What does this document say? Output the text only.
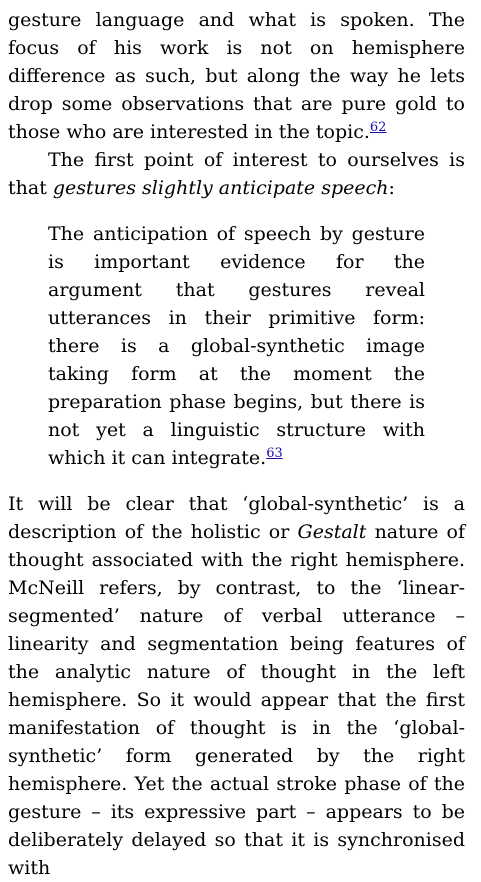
gesture language and what is spoken. The focus of his work is not on hemisphere difference as such, but along the way he lets drop some observations that are pure gold to those who are interested in the topic.$^{62}$

The first point of interest to ourselves is that gestures slightly anticipate speech:

The anticipation of speech by gesture is important evidence for the argument that gestures reveal utterances in their primitive form: there is a global-synthetic image taking form at the moment the preparation phase begins, but there is not yet a linguistic structure with which it can integrate.$^{63}$

It will be clear that ‘global-synthetic’ is a description of the holistic or Gestalt nature of thought associated with the right hemisphere. McNeill refers, by contrast, to the ‘linear-segmented’ nature of verbal utterance – linearity and segmentation being features of the analytic nature of thought in the left hemisphere. So it would appear that the first manifestation of thought is in the ‘global-synthetic’ form generated by the right hemisphere. Yet the actual stroke phase of the gesture – its expressive part – appears to be deliberately delayed so that it is synchronised with
